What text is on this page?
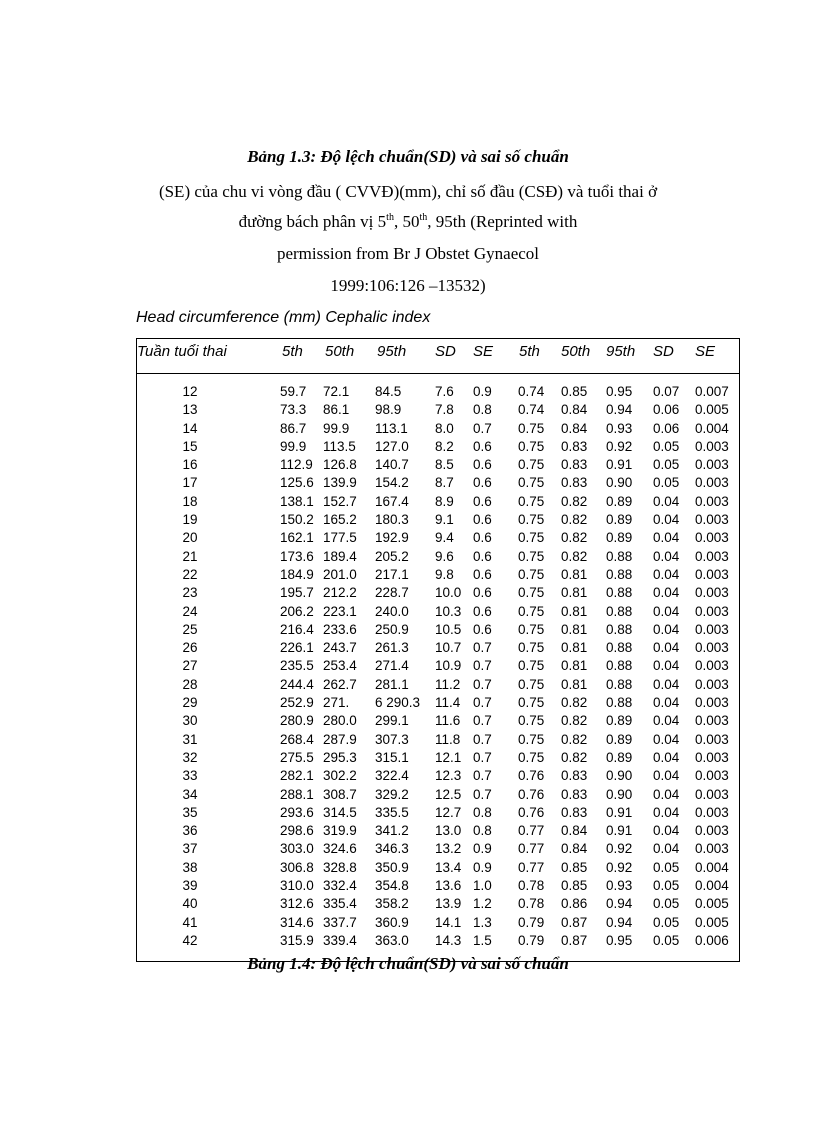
Bảng 1.3: Độ lệch chuẩn(SD) và sai số chuẩn
(SE) của chu vi vòng đầu ( CVVĐ)(mm), chỉ số đầu (CSĐ) và tuổi thai ở
đường bách phân vị 5th, 50th, 95th (Reprinted with
permission from Br J Obstet Gynaecol
1999:106:126 –13532)
Head circumference (mm) Cephalic index
Tuần tuổi thai	5th 50th 95th SD SE 5th 50th 95th SD SE
12	59.7 72.1 84.5 7.6 0.9 0.74 0.85 0.95 0.07 0.007
13	73.3 86.1 98.9 7.8 0.8 0.74 0.84 0.94 0.06 0.005
14	86.7 99.9 113.1 8.0 0.7 0.75 0.84 0.93 0.06 0.004
15	99.9 113.5 127.0 8.2 0.6 0.75 0.83 0.92 0.05 0.003
16	112.9 126.8 140.7 8.5 0.6 0.75 0.83 0.91 0.05 0.003
17	125.6 139.9 154.2 8.7 0.6 0.75 0.83 0.90 0.05 0.003
18	138.1 152.7 167.4 8.9 0.6 0.75 0.82 0.89 0.04 0.003
19	150.2 165.2 180.3 9.1 0.6 0.75 0.82 0.89 0.04 0.003
20	162.1 177.5 192.9 9.4 0.6 0.75 0.82 0.89 0.04 0.003
21	173.6 189.4 205.2 9.6 0.6 0.75 0.82 0.88 0.04 0.003
22	184.9 201.0 217.1 9.8 0.6 0.75 0.81 0.88 0.04 0.003
23	195.7 212.2 228.7 10.0 0.6 0.75 0.81 0.88 0.04 0.003
24	206.2 223.1 240.0 10.3 0.6 0.75 0.81 0.88 0.04 0.003
25	216.4 233.6 250.9 10.5 0.6 0.75 0.81 0.88 0.04 0.003
26	226.1 243.7 261.3 10.7 0.7 0.75 0.81 0.88 0.04 0.003
27	235.5 253.4 271.4 10.9 0.7 0.75 0.81 0.88 0.04 0.003
28	244.4 262.7 281.1 11.2 0.7 0.75 0.81 0.88 0.04 0.003
29	252.9 271. 6 290.3 11.4 0.7 0.75 0.82 0.88 0.04 0.003
30	280.9 280.0 299.1 11.6 0.7 0.75 0.82 0.89 0.04 0.003
31	268.4 287.9 307.3 11.8 0.7 0.75 0.82 0.89 0.04 0.003
32	275.5 295.3 315.1 12.1 0.7 0.75 0.82 0.89 0.04 0.003
33	282.1 302.2 322.4 12.3 0.7 0.76 0.83 0.90 0.04 0.003
34	288.1 308.7 329.2 12.5 0.7 0.76 0.83 0.90 0.04 0.003
35	293.6 314.5 335.5 12.7 0.8 0.76 0.83 0.91 0.04 0.003
36	298.6 319.9 341.2 13.0 0.8 0.77 0.84 0.91 0.04 0.003
37	303.0 324.6 346.3 13.2 0.9 0.77 0.84 0.92 0.04 0.003
38	306.8 328.8 350.9 13.4 0.9 0.77 0.85 0.92 0.05 0.004
39	310.0 332.4 354.8 13.6 1.0 0.78 0.85 0.93 0.05 0.004
40	312.6 335.4 358.2 13.9 1.2 0.78 0.86 0.94 0.05 0.005
41	314.6 337.7 360.9 14.1 1.3 0.79 0.87 0.94 0.05 0.005
42	315.9 339.4 363.0 14.3 1.5 0.79 0.87 0.95 0.05 0.006
Bảng 1.4: Độ lệch chuẩn(SD) và sai số chuẩn
